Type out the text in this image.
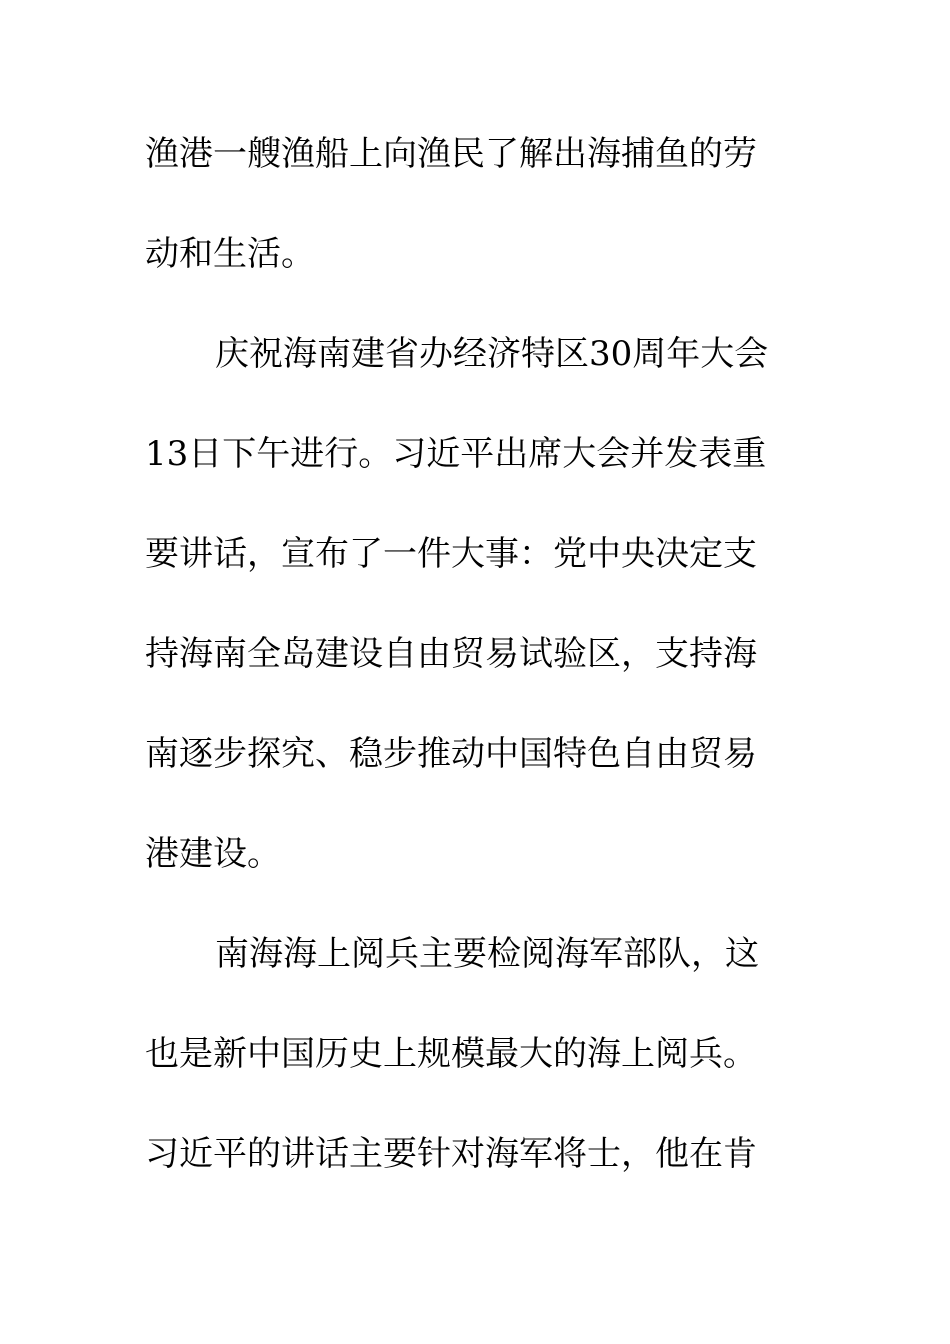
渔港一艘渔船上向渔民了解出海捕鱼的劳

动和生活。

庆祝海南建省办经济特区30周年大会

13日下午进行。习近平出席大会并发表重

要讲话，宣布了一件大事：党中央决定支

持海南全岛建设自由贸易试验区，支持海

南逐步探究、稳步推动中国特色自由贸易

港建设。

南海海上阅兵主要检阅海军部队，这

也是新中国历史上规模最大的海上阅兵。

习近平的讲话主要针对海军将士，他在肯
